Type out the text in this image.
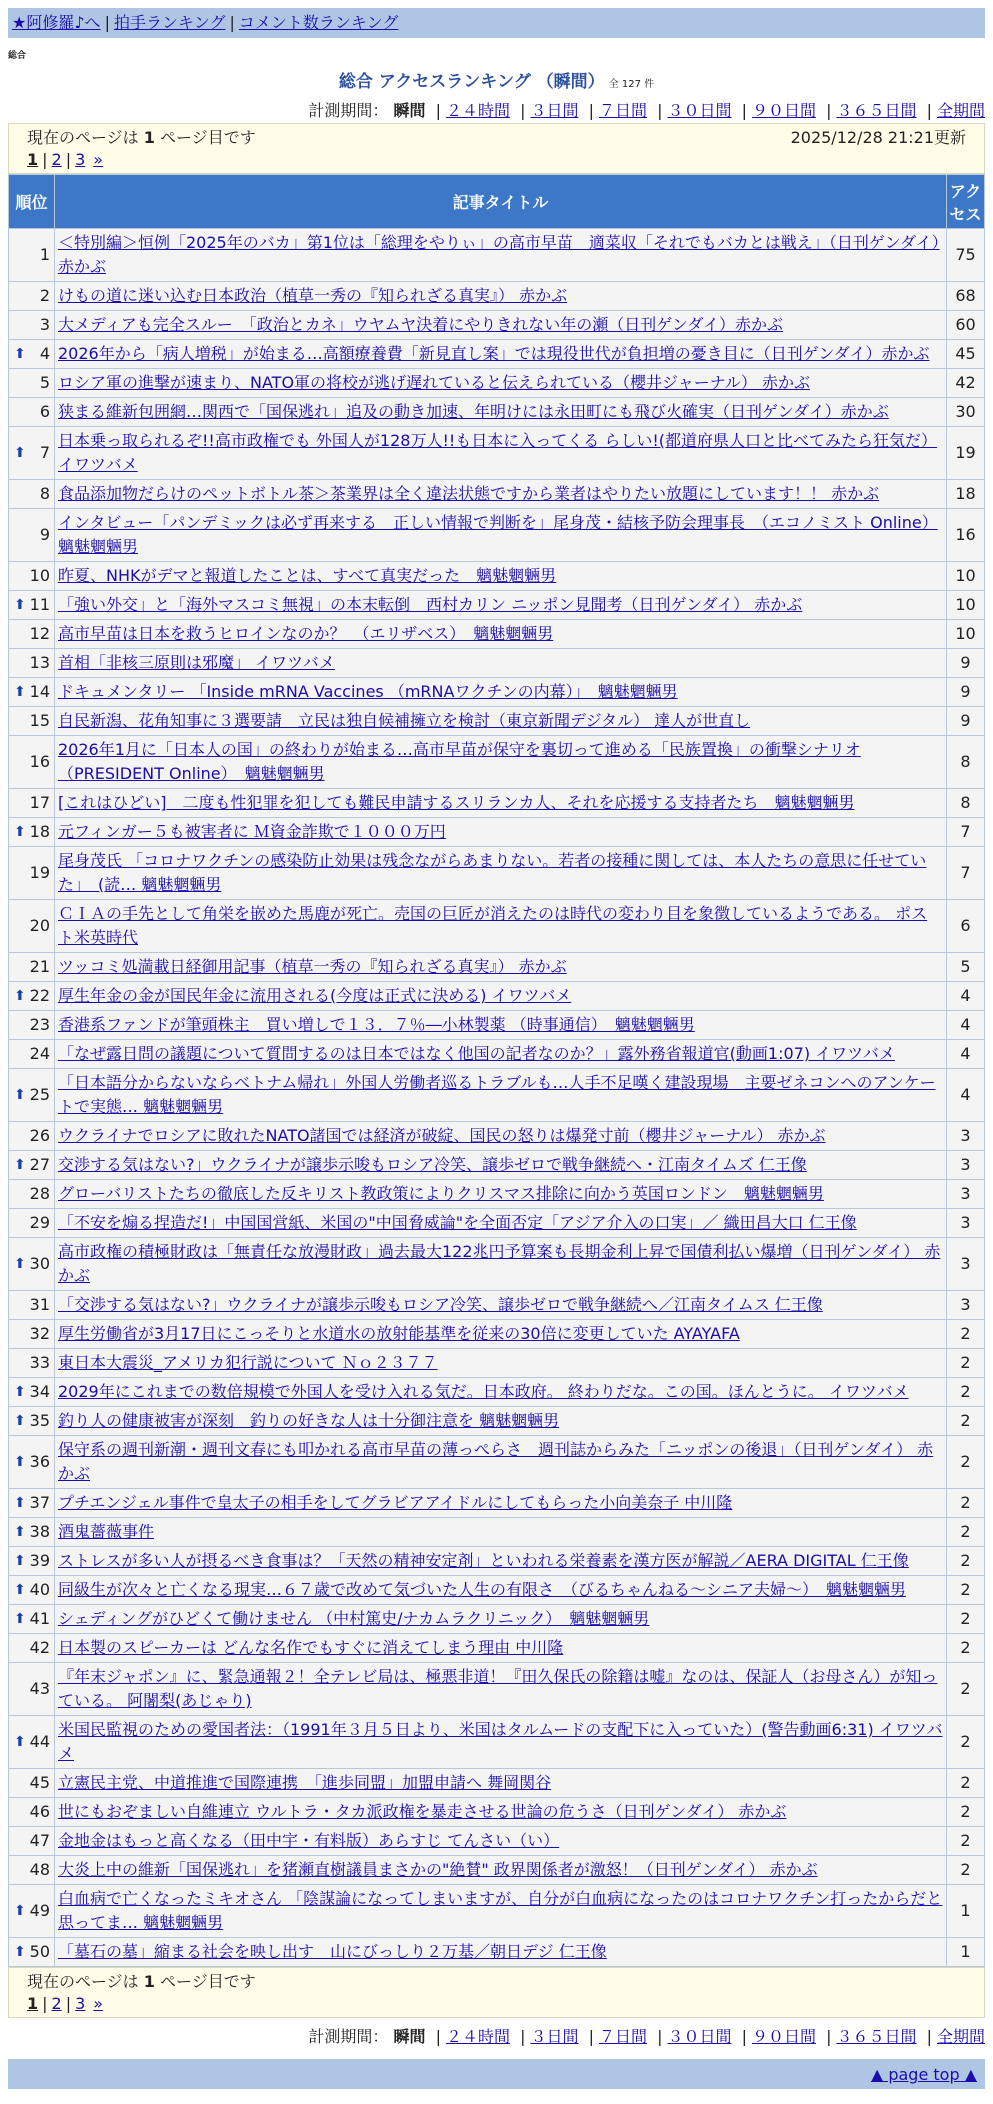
★阿修羅♪へ | 拍手ランキング | コメント数ランキング
総合
総合 アクセスランキング （瞬間） 全 127 件
計測期間： 瞬間 | ２４時間 | ３日間 | ７日間 | ３０日間 | ９０日間 | ３６５日間 | 全期間
現在のページは 1 ページ目です	2025/12/28 21:21更新
1 | 2 | 3 »
順位	記事タイトル	アクセス
1	＜特別編＞恒例「2025年のバカ」第1位は「総理をやりぃ」の高市早苗　適菜収「それでもバカとは戦え」（日刊ゲンダイ）赤かぶ	75
2	けもの道に迷い込む日本政治（植草一秀の『知られざる真実』） 赤かぶ	68
3	大メディアも完全スルー　「政治とカネ」ウヤムヤ決着にやりきれない年の瀬（日刊ゲンダイ）赤かぶ	60

⬆ 4	2026年から「病人増税」が始まる…高額療養費「新見直し案」では現役世代が負担増の憂き目に（日刊ゲンダイ）赤かぶ	45
5	ロシア軍の進撃が速まり、NATO軍の将校が逃げ遅れていると伝えられている（櫻井ジャーナル） 赤かぶ	42
6	狭まる維新包囲網…関西で「国保逃れ」追及の動き加速、年明けには永田町にも飛び火確実（日刊ゲンダイ）赤かぶ	30

⬆ 7	日本乗っ取られるぞ!!高市政権でも 外国人が128万人!!も日本に入ってくる らしい!(都道府県人口と比べてみたら狂気だ） イワツバメ	19
8	食品添加物だらけのペットボトル茶＞茶業界は全く違法状態ですから業者はやりたい放題にしています！！ 赤かぶ	18
9	インタビュー「パンデミックは必ず再来する　正しい情報で判断を」尾身茂・結核予防会理事長　（エコノミスト Online） 魑魅魍魎男	16
10	昨夏、NHKがデマと報道したことは、すべて真実だった　魑魅魍魎男	10

⬆ 11	「強い外交」と「海外マスコミ無視」の本末転倒　西村カリン ニッポン見聞考（日刊ゲンダイ） 赤かぶ	10
12	高市早苗は日本を救うヒロインなのか？　（エリザベス）　魑魅魍魎男	10
13	首相「非核三原則は邪魔」 イワツバメ	9

⬆ 14	ドキュメンタリー 「Inside mRNA Vaccines （mRNAワクチンの内幕）」　魑魅魍魎男	9
15	自民新潟、花角知事に３選要請　立民は独自候補擁立を検討（東京新聞デジタル） 達人が世直し	9
16	2026年1月に「日本人の国」の終わりが始まる…高市早苗が保守を裏切って進める「民族置換」の衝撃シナリオ （PRESIDENT Online）　魑魅魍魎男	8
17	[これはひどい]　二度も性犯罪を犯しても難民申請するスリランカ人、それを応援する支持者たち　魑魅魍魎男	8

⬆ 18	元フィンガー５も被害者に Ｍ資金詐欺で１０００万円	7
19	尾身茂氏 「コロナワクチンの感染防止効果は残念ながらあまりない。若者の接種に関しては、本人たちの意思に任せていた」　(読… 魑魅魍魎男	7
20	ＣＩＡの手先として角栄を嵌めた馬鹿が死亡。売国の巨匠が消えたのは時代の変わり目を象徴しているようである。 ポスト米英時代	6
21	ツッコミ処満載日経御用記事（植草一秀の『知られざる真実』） 赤かぶ	5

⬆ 22	厚生年金の金が国民年金に流用される(今度は正式に決める) イワツバメ	4
23	香港系ファンドが筆頭株主　買い増しで１３．７％―小林製薬 （時事通信）　魑魅魍魎男	4
24	「なぜ露日問の議題について質問するのは日本ではなく他国の記者なのか？」露外務省報道官(動画1:07) イワツバメ	4

⬆ 25	「日本語分からないならベトナム帰れ」外国人労働者巡るトラブルも…人手不足嘆く建設現場　主要ゼネコンへのアンケートで実態… 魑魅魍魎男	4
26	ウクライナでロシアに敗れたNATO諸国では経済が破綻、国民の怒りは爆発寸前（櫻井ジャーナル） 赤かぶ	3

⬆ 27	交渉する気はない?」ウクライナが譲歩示唆もロシア冷笑、譲歩ゼロで戦争継続へ・江南タイムズ 仁王像	3
28	グローバリストたちの徹底した反キリスト教政策によりクリスマス排除に向かう英国ロンドン　魑魅魍魎男	3
29	「不安を煽る捏造だ!」中国国営紙、米国の"中国脅威論"を全面否定「アジア介入の口実」／ 織田昌大口 仁王像	3

⬆ 30	高市政権の積極財政は「無責任な放漫財政」過去最大122兆円予算案も長期金利上昇で国債利払い爆増（日刊ゲンダイ） 赤かぶ	3
31	「交渉する気はない?」ウクライナが譲歩示唆もロシア冷笑、譲歩ゼロで戦争継続へ／江南タイムス 仁王像	3
32	厚生労働省が3月17日にこっそりと水道水の放射能基準を従来の30倍に変更していた AYAYAFA	2
33	東日本大震災_アメリカ犯行説について Ｎｏ２３７７	2

⬆ 34	2029年にこれまでの数倍規模で外国人を受け入れる気だ。日本政府。 終わりだな。この国。ほんとうに。 イワツバメ	2

⬆ 35	釣り人の健康被害が深刻　釣りの好きな人は十分御注意を 魑魅魍魎男	2

⬆ 36	保守系の週刊新潮・週刊文春にも叩かれる高市早苗の薄っぺらさ　週刊誌からみた「ニッポンの後退」（日刊ゲンダイ） 赤かぶ	2

⬆ 37	プチエンジェル事件で皇太子の相手をしてグラビアアイドルにしてもらった小向美奈子 中川隆	2

⬆ 38	酒鬼薔薇事件	2

⬆ 39	ストレスが多い人が摂るべき食事は？「天然の精神安定剤」といわれる栄養素を漢方医が解説／AERA DIGITAL 仁王像	2

⬆ 40	同級生が次々と亡くなる現実…６７歳で改めて気づいた人生の有限さ　（びるちゃんねる〜シニア夫婦〜）　魑魅魍魎男	2

⬆ 41	シェディングがひどくて働けません （中村篤史/ナカムラクリニック）　魑魅魍魎男	2
42	日本製のスピーカーは どんな名作でもすぐに消えてしまう理由 中川隆	2
43	『年末ジャポン』に、緊急通報２！全テレビ局は、極悪非道！『田久保氏の除籍は嘘』なのは、保証人（お母さん）が知っている。 阿闍梨(あじゃり)	2

⬆ 44	米国民監視のための愛国者法：（1991年３月５日より、米国はタルムードの支配下に入っていた）(警告動画6:31) イワツバメ	2
45	立憲民主党、中道推進で国際連携　「進歩同盟」加盟申請へ 舞岡関谷	2
46	世にもおぞましい自維連立 ウルトラ・タカ派政権を暴走させる世論の危うさ（日刊ゲンダイ） 赤かぶ	2
47	金地金はもっと高くなる（田中宇・有料版）あらすじ てんさい（い）	2
48	大炎上中の維新「国保逃れ」を猪瀬直樹議員まさかの"絶賛" 政界関係者が激怒！（日刊ゲンダイ） 赤かぶ	2

⬆ 49	白血病で亡くなったミキオさん 「陰謀論になってしまいますが、自分が白血病になったのはコロナワクチン打ったからだと思ってま… 魑魅魍魎男	1

⬆ 50	「墓石の墓」縮まる社会を映し出す　山にびっしり２万基／朝日デジ 仁王像	1
現在のページは 1 ページ目です
1 | 2 | 3 »
計測期間： 瞬間 | ２４時間 | ３日間 | ７日間 | ３０日間 | ９０日間 | ３６５日間 | 全期間
▲ page top ▲
